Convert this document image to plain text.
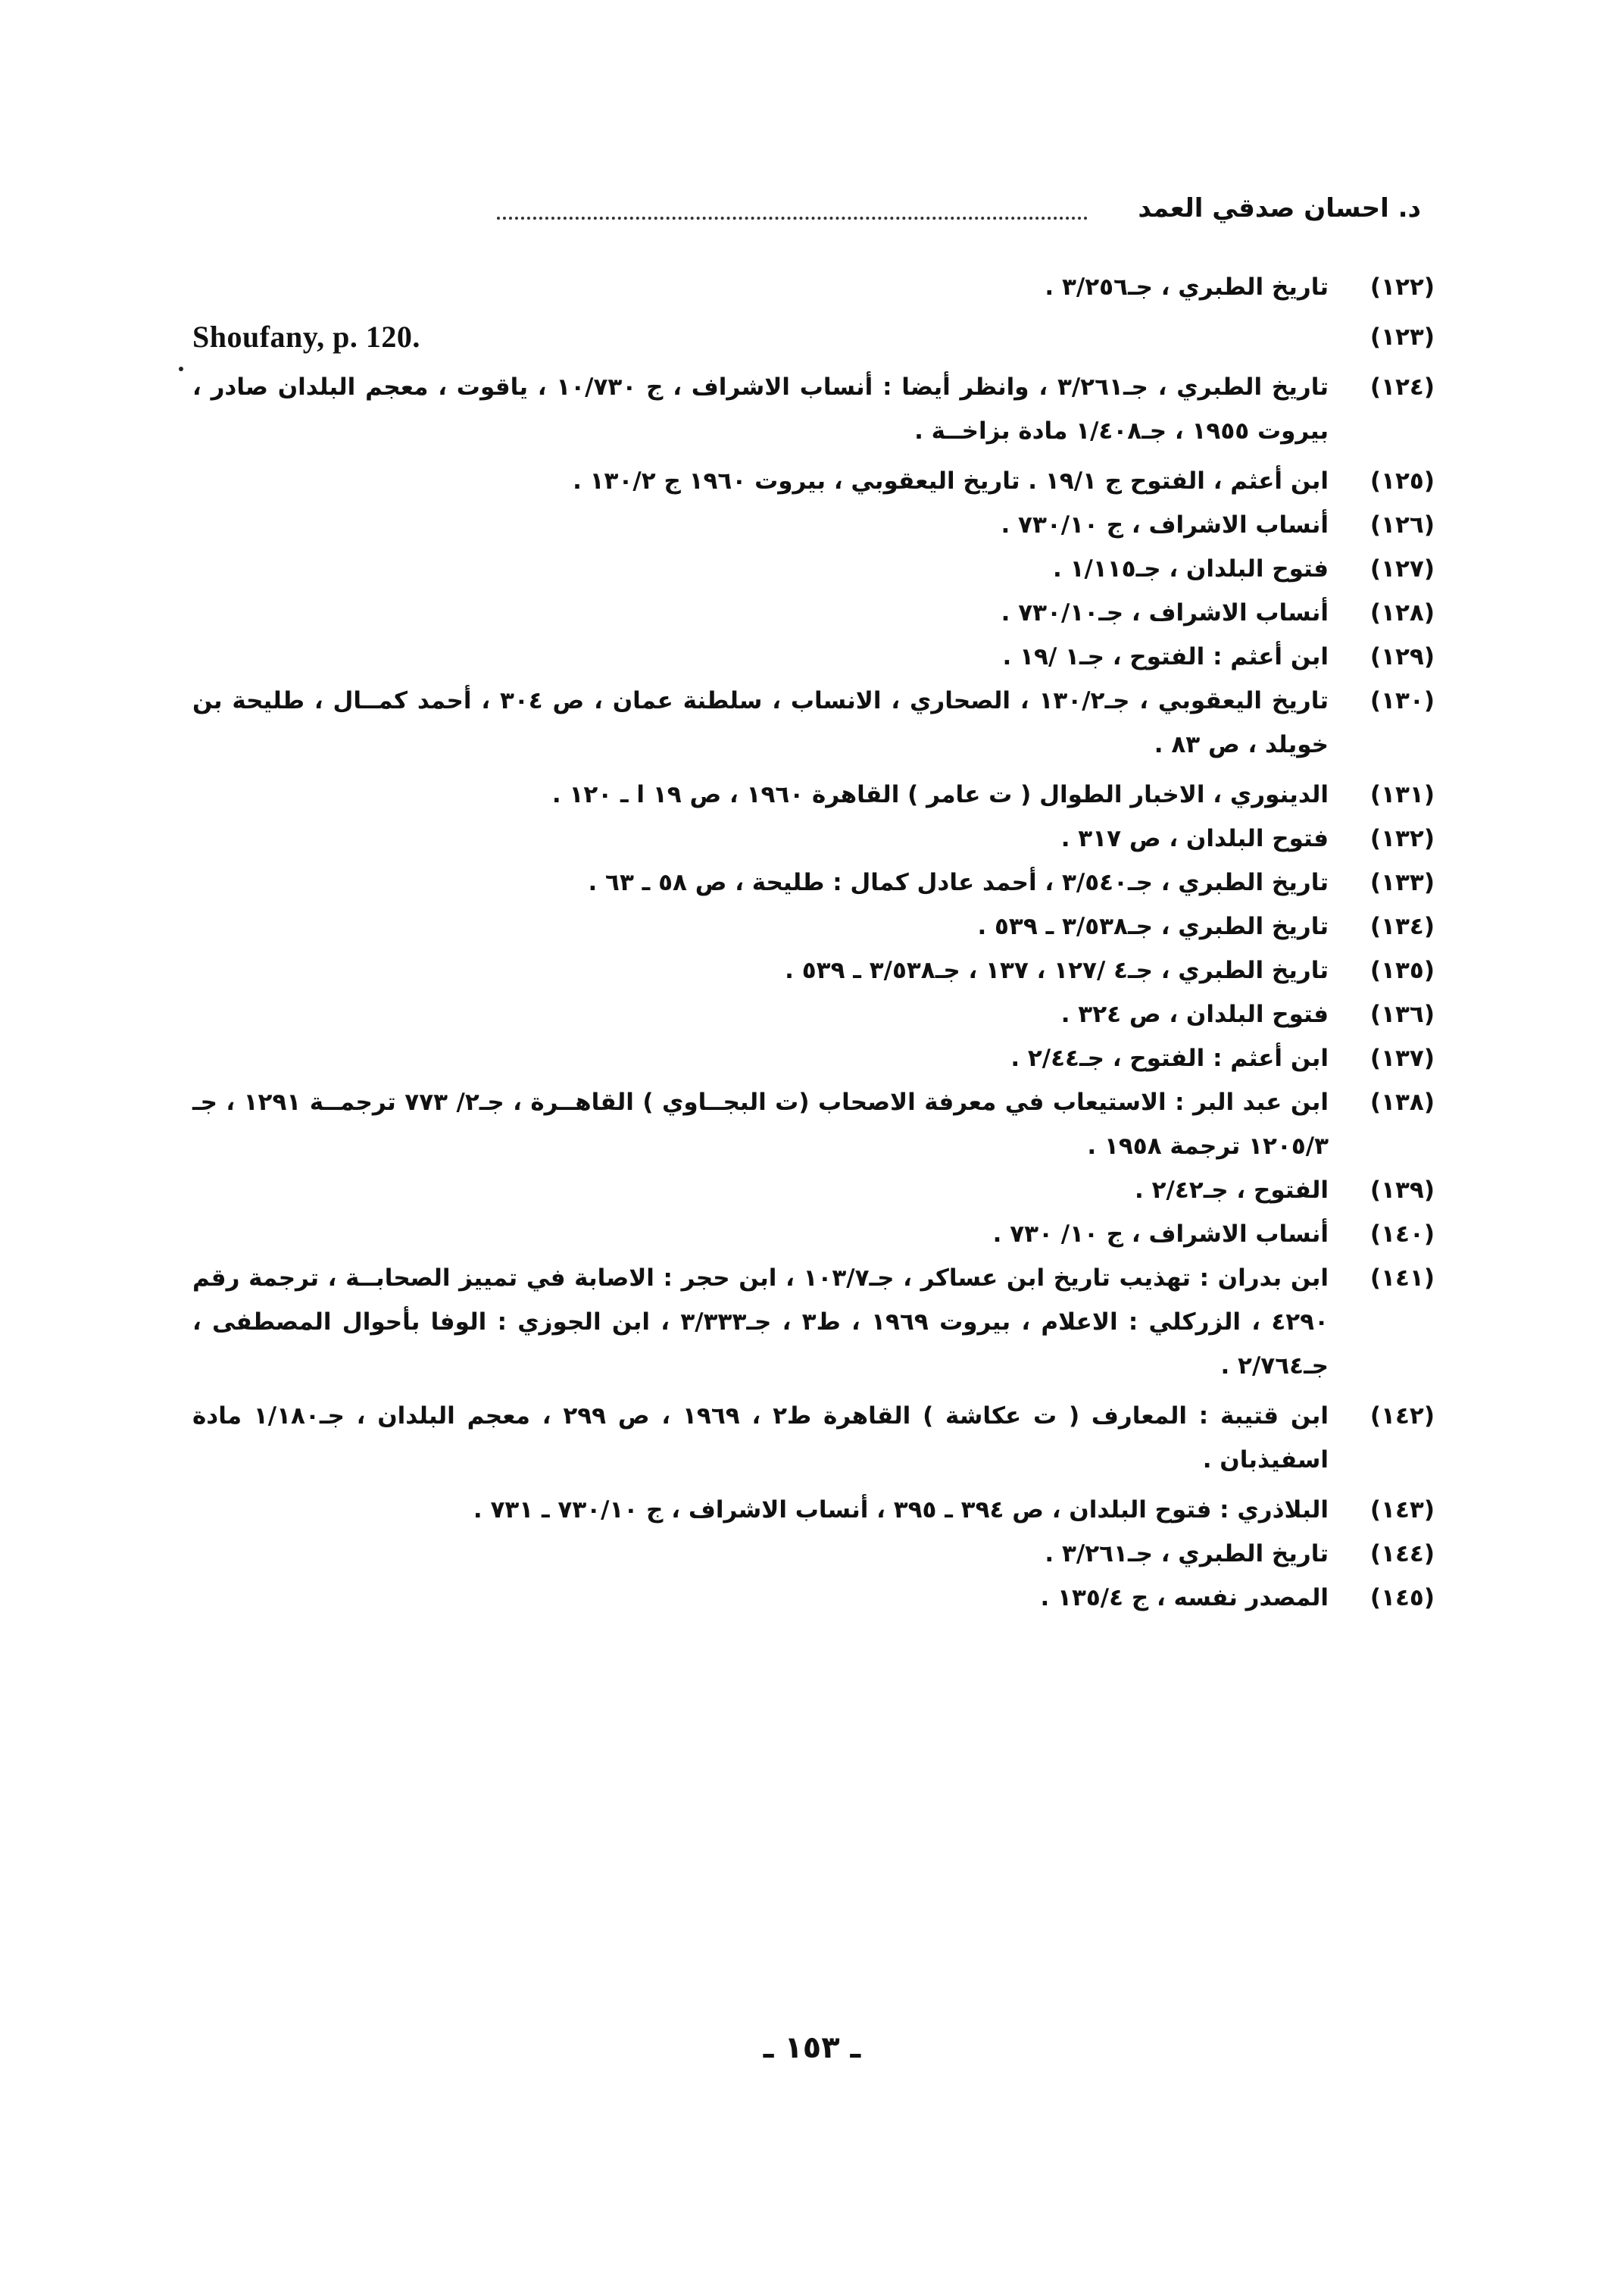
د. احسان صدقي العمد
(١٢٢)
تاريخ الطبري ، جـ٣/٢٥٦ .
(١٢٣)
Shoufany, p. 120.
(١٢٤)
تاريخ الطبري ، جـ٣/٢٦١ ، وانظر أيضا : أنساب الاشراف ، ج ١٠/٧٣٠ ، ياقوت ، معجم البلدان صادر ، بيروت ١٩٥٥ ، جـ١/٤٠٨ مادة بزاخــة .
(١٢٥)
ابن أعثم ، الفتوح ج ١٩/١ . تاريخ اليعقوبي ، بيروت ١٩٦٠ ج ١٣٠/٢ .
(١٢٦)
أنساب الاشراف ، ج ٧٣٠/١٠ .
(١٢٧)
فتوح البلدان ، جـ١/١١٥ .
(١٢٨)
أنساب الاشراف ، جـ٧٣٠/١٠ .
(١٢٩)
ابن أعثم : الفتوح ، جـ١ /١٩ .
(١٣٠)
تاريخ اليعقوبي ، جـ١٣٠/٢ ، الصحاري ، الانساب ، سلطنة عمان ، ص ٣٠٤ ، أحمد كمــال ، طليحة بن خويلد ، ص ٨٣ .
(١٣١)
الدينوري ، الاخبار الطوال ( ت عامر ) القاهرة ١٩٦٠ ، ص ١٩ ا ـ ١٢٠ .
(١٣٢)
فتوح البلدان ، ص ٣١٧ .
(١٣٣)
تاريخ الطبري ، جـ٣/٥٤٠ ، أحمد عادل كمال : طليحة ، ص ٥٨ ـ ٦٣ .
(١٣٤)
تاريخ الطبري ، جـ٣/٥٣٨ ـ ٥٣٩ .
(١٣٥)
تاريخ الطبري ، جـ٤ /١٢٧ ، ١٣٧ ، جـ٣/٥٣٨ ـ ٥٣٩ .
(١٣٦)
فتوح البلدان ، ص ٣٢٤ .
(١٣٧)
ابن أعثم : الفتوح ، جـ٢/٤٤ .
(١٣٨)
ابن عبد البر : الاستيعاب في معرفة الاصحاب (ت البجــاوي ) القاهــرة ، جـ٢/ ٧٧٣ ترجمــة ١٢٩١ ، جـ ١٢٠٥/٣ ترجمة ١٩٥٨ .
(١٣٩)
الفتوح ، جـ٢/٤٢ .
(١٤٠)
أنساب الاشراف ، ج ١٠/ ٧٣٠ .
(١٤١)
ابن بدران : تهذيب تاريخ ابن عساكر ، جـ١٠٣/٧ ، ابن حجر : الاصابة في تمييز الصحابــة ، ترجمة رقم ٤٢٩٠ ، الزركلي : الاعلام ، بيروت ١٩٦٩ ، ط٣ ، جـ٣/٣٣٣ ، ابن الجوزي : الوفا بأحوال المصطفى ، جـ٢/٧٦٤ .
(١٤٢)
ابن قتيبة : المعارف ( ت عكاشة ) القاهرة ط٢ ، ١٩٦٩ ، ص ٢٩٩ ، معجم البلدان ، جـ١/١٨٠ مادة اسفيذبان .
(١٤٣)
البلاذري : فتوح البلدان ، ص ٣٩٤ ـ ٣٩٥ ، أنساب الاشراف ، ج ٧٣٠/١٠ ـ ٧٣١ .
(١٤٤)
تاريخ الطبري ، جـ٣/٢٦١ .
(١٤٥)
المصدر نفسه ، ج ١٣٥/٤ .
ـ ١٥٣ ـ
